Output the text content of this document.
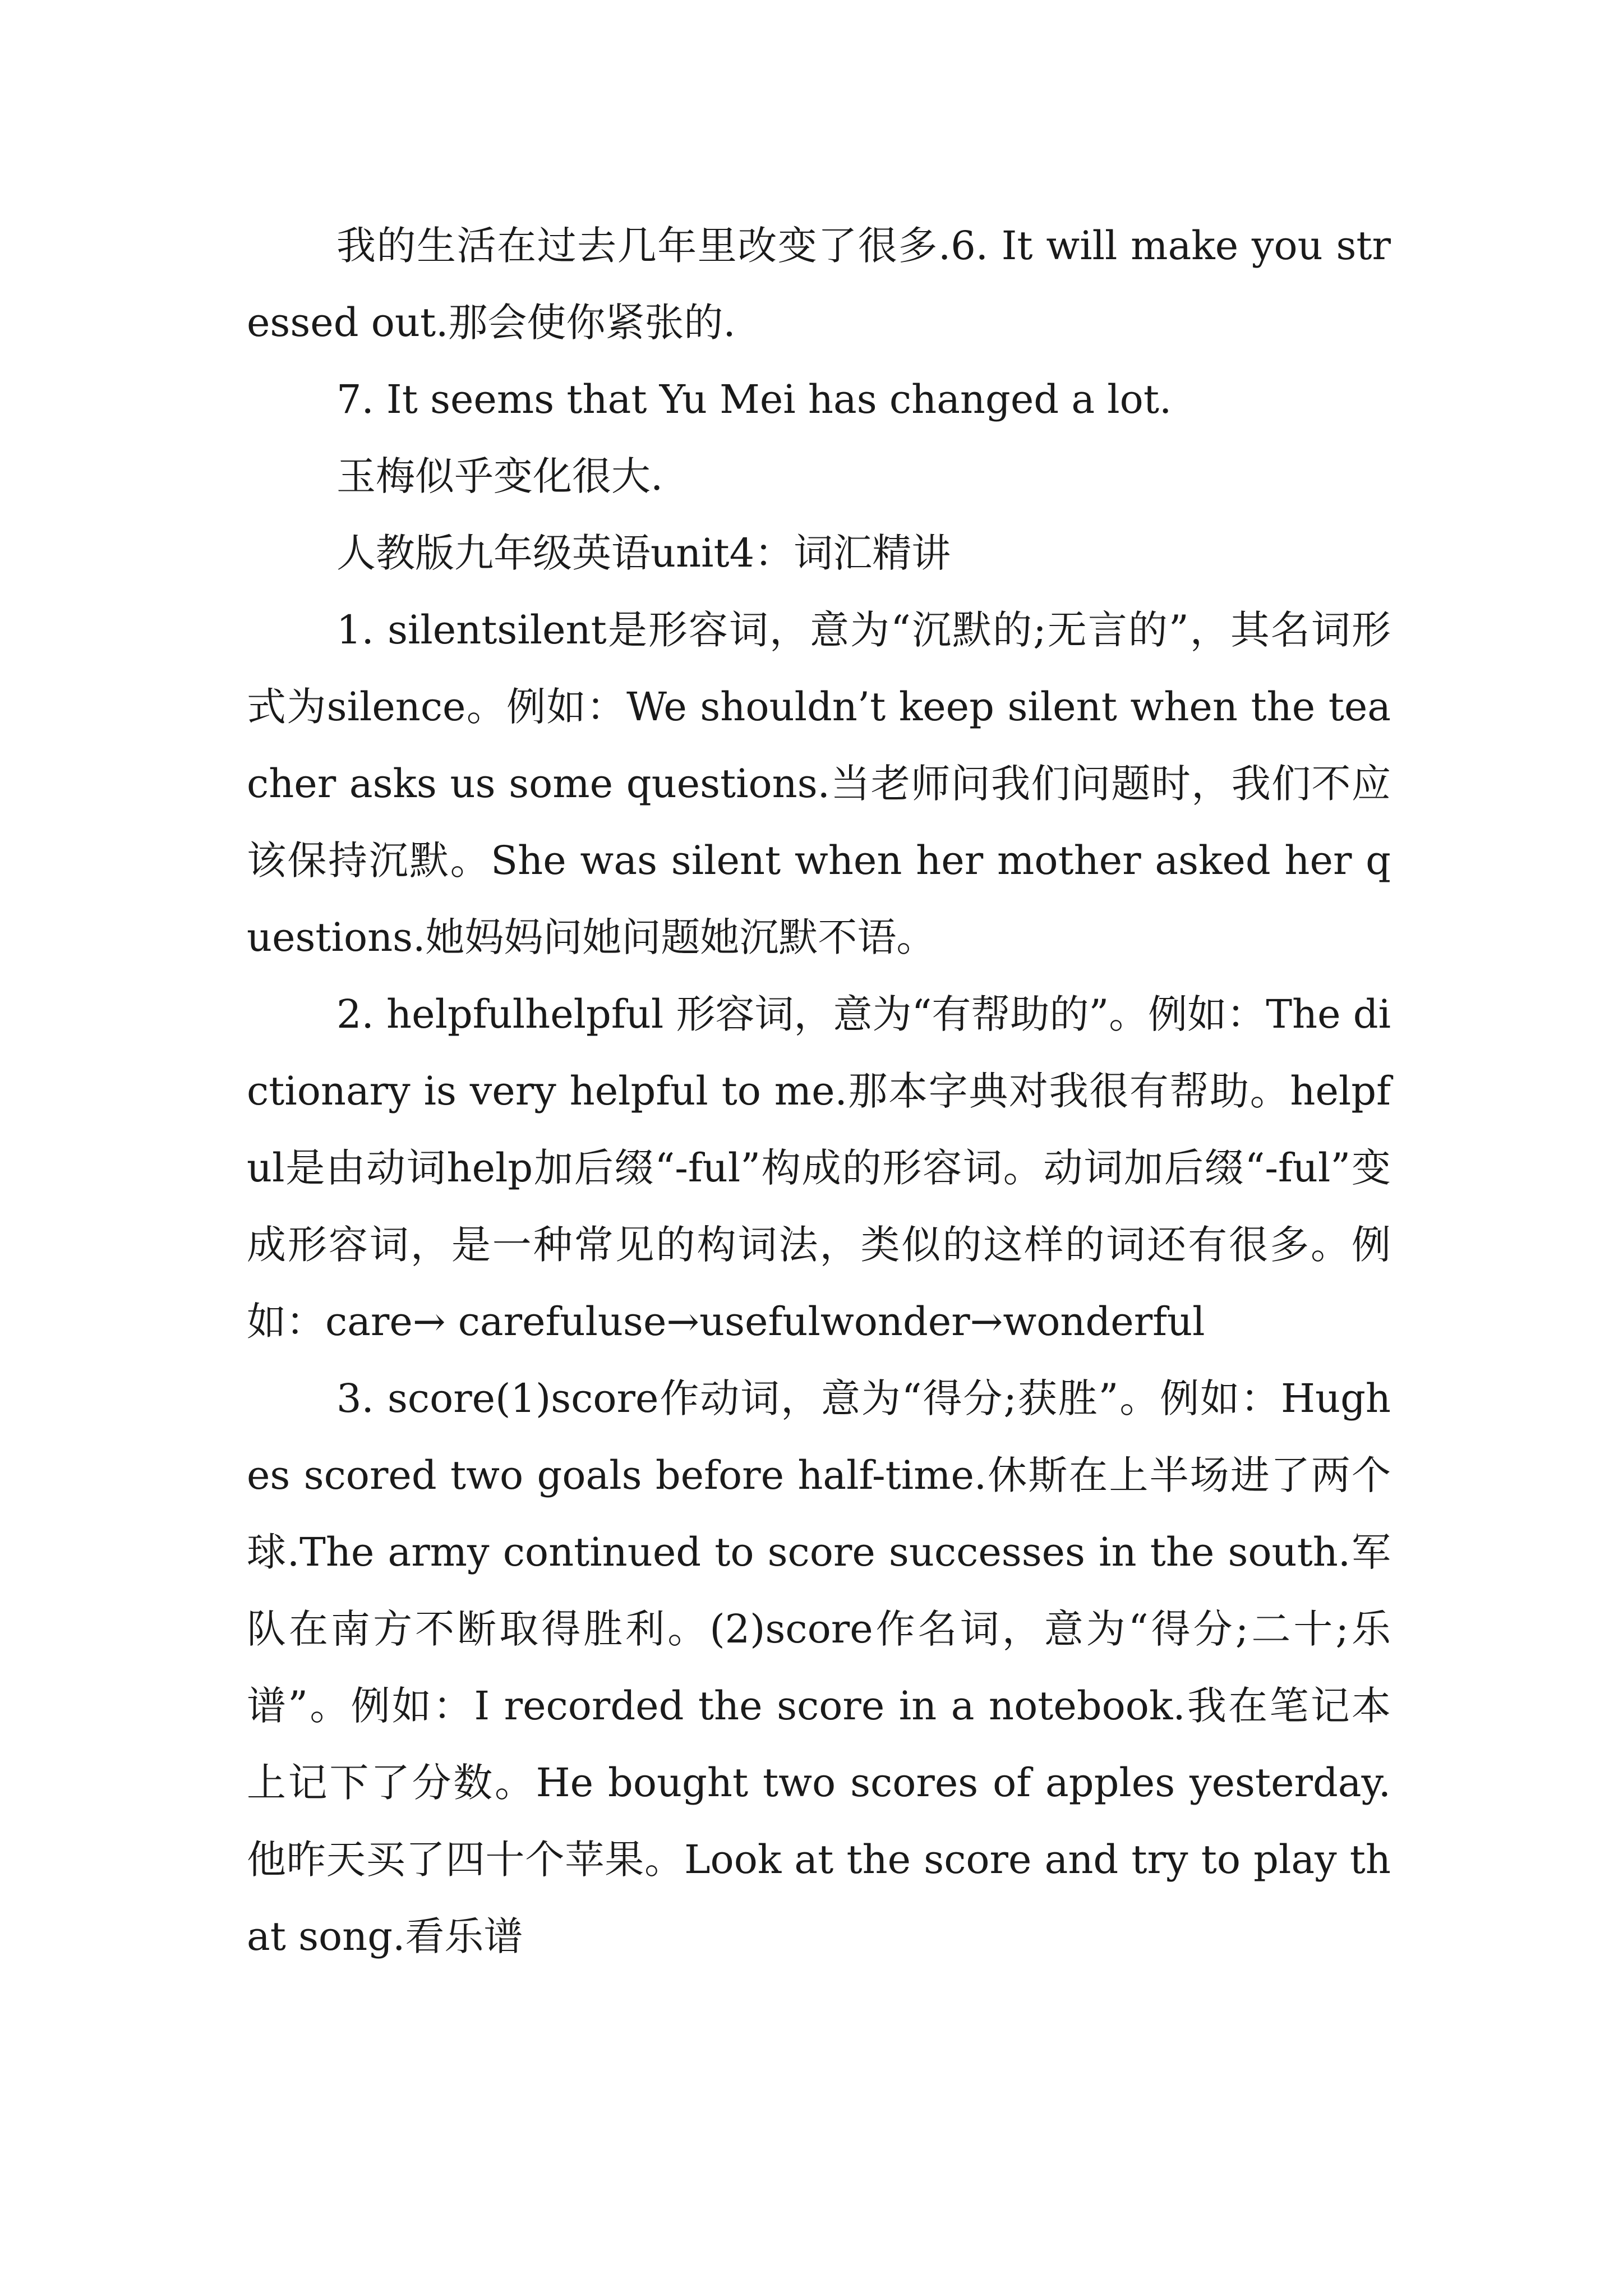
我的生活在过去几年里改变了很多.6. It will make you stressed out.那会使你紧张的.

7. It seems that Yu Mei has changed a lot.

玉梅似乎变化很大.

人教版九年级英语unit4：词汇精讲

1. silentsilent是形容词，意为“沉默的;无言的”，其名词形式为silence。例如：We shouldn’t keep silent when the teacher asks us some questions.当老师问我们问题时，我们不应该保持沉默。She was silent when her mother asked her questions.她妈妈问她问题她沉默不语。

2. helpfulhelpful 形容词，意为“有帮助的”。例如：The dictionary is very helpful to me.那本字典对我很有帮助。helpful是由动词help加后缀“-ful”构成的形容词。动词加后缀“-ful”变成形容词，是一种常见的构词法，类似的这样的词还有很多。例如：care→ carefuluse→usefulwonder→wonderful

3. score(1)score作动词，意为“得分;获胜”。例如：Hughes scored two goals before half-time.休斯在上半场进了两个球.The army continued to score successes in the south.军队在南方不断取得胜利。(2)score作名词，意为“得分;二十;乐谱”。例如：I recorded the score in a notebook.我在笔记本上记下了分数。He bought two scores of apples yesterday.他昨天买了四十个苹果。Look at the score and try to play that song.看乐谱
